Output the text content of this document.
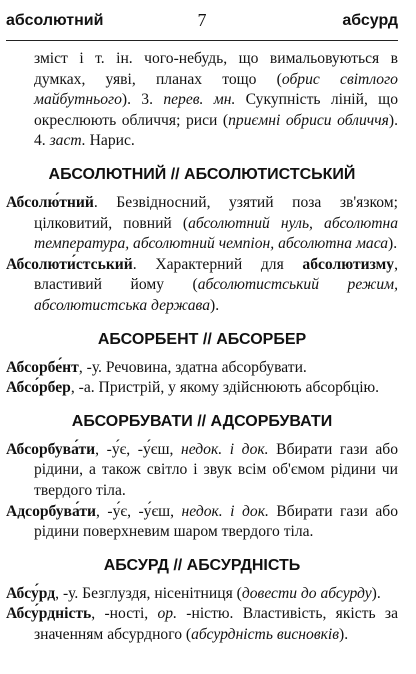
абсолютний	7	абсурд

зміст і т. ін. чого-небудь, що вимальовуються в думках, уяві, планах тощо (обрис світлого майбутнього). 3. перев. мн. Сукупність ліній, що окреслюють обличчя; риси (приємні обриси обличчя). 4. заст. Нарис.

АБСОЛЮТНИЙ // АБСОЛЮТИСТСЬКИЙ

Абсолю́тний. Безвідносний, узятий поза зв'язком; цілковитий, повний (абсолютний нуль, абсолютна температура, абсолютний чемпіон, абсолютна маса).

Абсолюти́стський. Характерний для абсолютизму, властивий йому (абсолютистський режим, абсолютистська держава).

АБСОРБЕНТ // АБСОРБЕР

Абсорбе́нт, -у. Речовина, здатна абсорбувати.

Абсо́рбер, -а. Пристрій, у якому здійснюють абсорбцію.

АБСОРБУВАТИ // АДСОРБУВАТИ

Абсорбува́ти, -у́є, -у́єш, недок. і док. Вбирати гази або рідини, а також світло і звук всім об'ємом рідини чи твердого тіла.

Адсорбува́ти, -у́є, -у́єш, недок. і док. Вбирати гази або рідини поверхневим шаром твердого тіла.

АБСУРД // АБСУРДНІСТЬ

Абсу́рд, -у. Безглуздя, нісенітниця (довести до абсурду).

Абсу́рдність, -ності, ор. -ністю. Властивість, якість за значенням абсурдного (абсурдність висновків).
